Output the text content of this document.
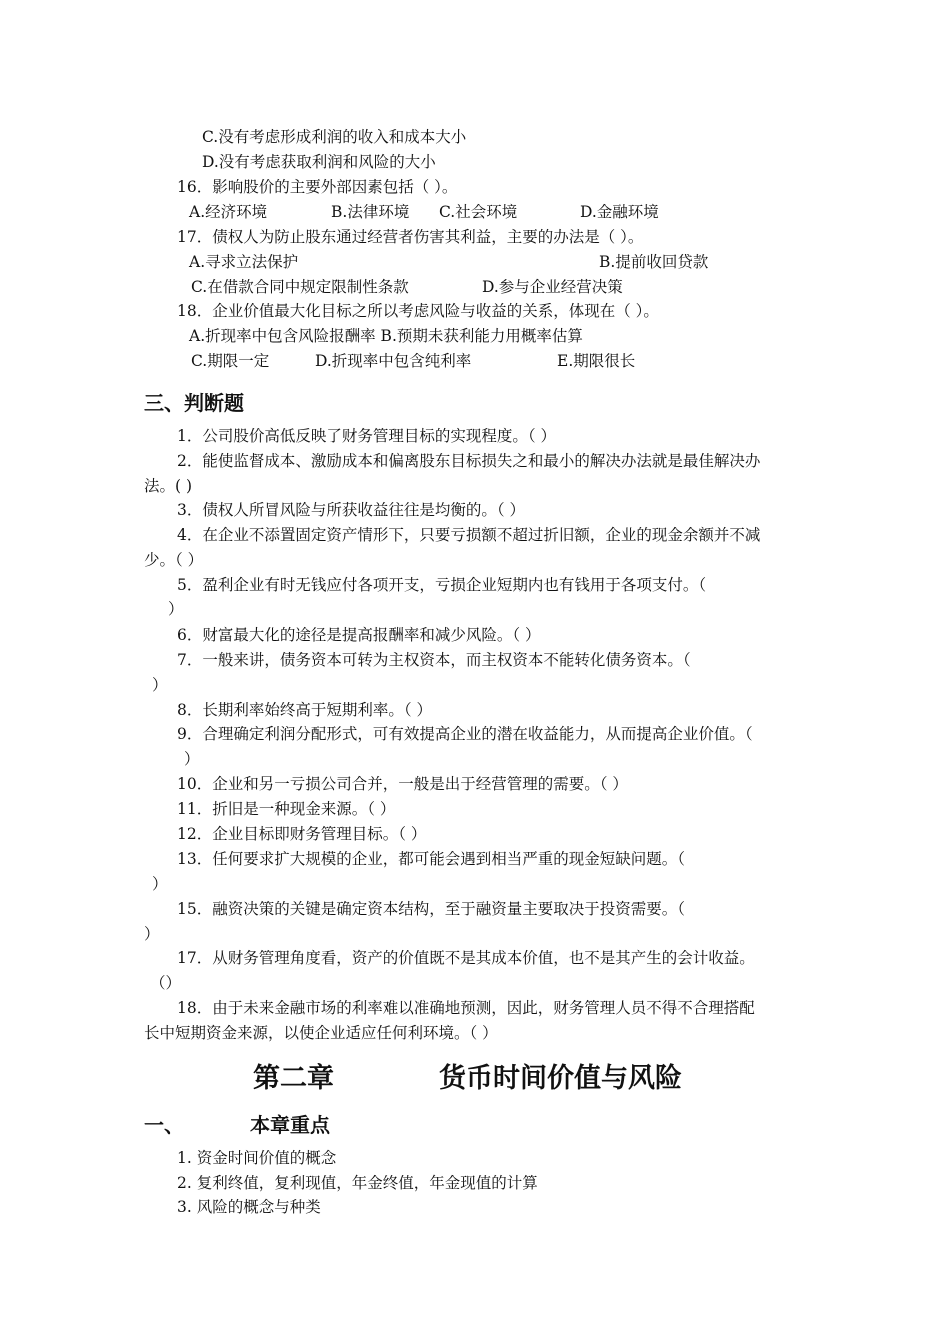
C.没有考虑形成利润的收入和成本大小
D.没有考虑获取利润和风险的大小
16．影响股价的主要外部因素包括（ ）。
A.经济环境	B.法律环境 C.社会环境	D.金融环境
17．债权人为防止股东通过经营者伤害其利益，主要的办法是（ ）。
A.寻求立法保护	B.提前收回贷款
C.在借款合同中规定限制性条款	D.参与企业经营决策
18．企业价值最大化目标之所以考虑风险与收益的关系，体现在（ ）。
A.折现率中包含风险报酬率 B.预期未获利能力用概率估算
C.期限一定	D.折现率中包含纯利率	E.期限很长
三、判断题
1．公司股价高低反映了财务管理目标的实现程度。（ ）
2．能使监督成本、激励成本和偏离股东目标损失之和最小的解决办法就是最佳解决办
法。( )
3．债权人所冒风险与所获收益往往是均衡的。（ ）
4．在企业不添置固定资产情形下，只要亏损额不超过折旧额，企业的现金余额并不减
少。（ ）
5．盈利企业有时无钱应付各项开支，亏损企业短期内也有钱用于各项支付。（
）
6．财富最大化的途径是提高报酬率和减少风险。（ ）
7．一般来讲，债务资本可转为主权资本，而主权资本不能转化债务资本。（
）
8．长期利率始终高于短期利率。（ ）
9．合理确定利润分配形式，可有效提高企业的潜在收益能力，从而提高企业价值。（
）
10．企业和另一亏损公司合并，一般是出于经营管理的需要。（ ）
11．折旧是一种现金来源。（ ）
12．企业目标即财务管理目标。（ ）
13．任何要求扩大规模的企业，都可能会遇到相当严重的现金短缺问题。（
）
15．融资决策的关键是确定资本结构，至于融资量主要取决于投资需要。（
）
17．从财务管理角度看，资产的价值既不是其成本价值，也不是其产生的会计收益。
（）
18．由于未来金融市场的利率难以准确地预测，因此，财务管理人员不得不合理搭配
长中短期资金来源，以使企业适应任何利环境。（ ）
第二章	货币时间价值与风险
一、	本章重点
1. 资金时间价值的概念
2. 复利终值，复利现值，年金终值，年金现值的计算
3. 风险的概念与种类
